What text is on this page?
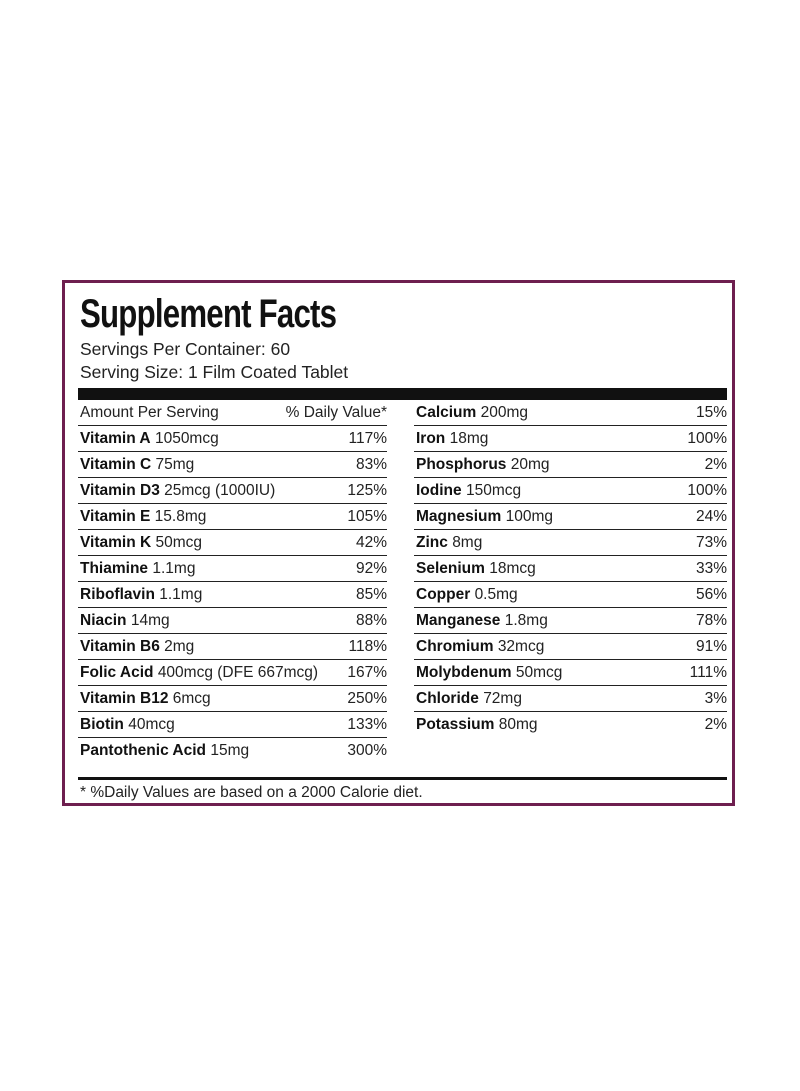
Supplement Facts
Servings Per Container: 60
Serving Size: 1 Film Coated Tablet
Amount Per Serving	% Daily Value*
Vitamin A 1050mcg	117%
Vitamin C 75mg	83%
Vitamin D3 25mcg (1000IU)	125%
Vitamin E 15.8mg	105%
Vitamin K 50mcg	42%
Thiamine 1.1mg	92%
Riboflavin 1.1mg	85%
Niacin 14mg	88%
Vitamin B6 2mg	118%
Folic Acid 400mcg (DFE 667mcg) 167%
Vitamin B12 6mcg	250%
Biotin 40mcg	133%
Pantothenic Acid 15mg	300%
Calcium 200mg	15%
Iron 18mg	100%
Phosphorus 20mg	2%
Iodine 150mcg	100%
Magnesium 100mg	24%
Zinc 8mg	73%
Selenium 18mcg	33%
Copper 0.5mg	56%
Manganese 1.8mg	78%
Chromium 32mcg	91%
Molybdenum 50mcg	111%
Chloride 72mg	3%
Potassium 80mg	2%
* %Daily Values are based on a 2000 Calorie diet.
